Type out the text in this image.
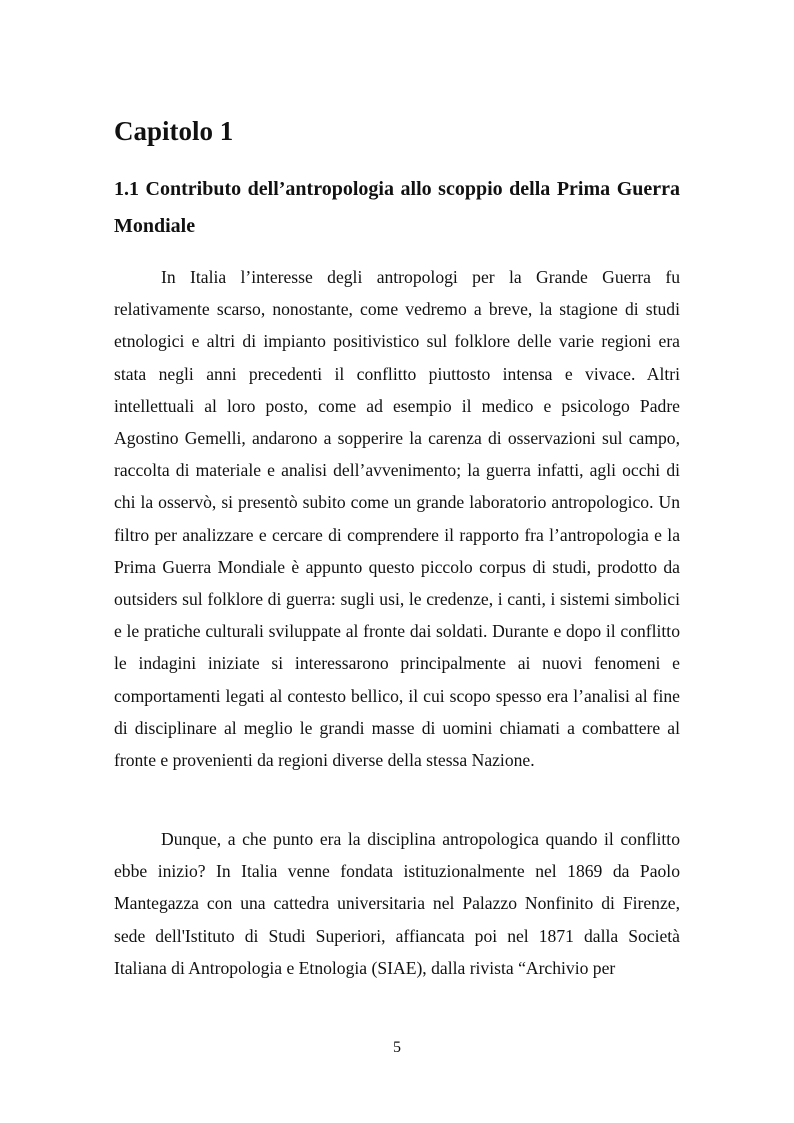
Capitolo 1
1.1 Contributo dell’antropologia allo scoppio della Prima Guerra Mondiale

In Italia l’interesse degli antropologi per la Grande Guerra fu relativamente scarso, nonostante, come vedremo a breve, la stagione di studi etnologici e altri di impianto positivistico sul folklore delle varie regioni era stata negli anni precedenti il conflitto piuttosto intensa e vivace. Altri intellettuali al loro posto, come ad esempio il medico e psicologo Padre Agostino Gemelli, andarono a sopperire la carenza di osservazioni sul campo, raccolta di materiale e analisi dell’avvenimento; la guerra infatti, agli occhi di chi la osservò, si presentò subito come un grande laboratorio antropologico. Un filtro per analizzare e cercare di comprendere il rapporto fra l’antropologia e la Prima Guerra Mondiale è appunto questo piccolo corpus di studi, prodotto da outsiders sul folklore di guerra: sugli usi, le credenze, i canti, i sistemi simbolici e le pratiche culturali sviluppate al fronte dai soldati. Durante e dopo il conflitto le indagini iniziate si interessarono principalmente ai nuovi fenomeni e comportamenti legati al contesto bellico, il cui scopo spesso era l’analisi al fine di disciplinare al meglio le grandi masse di uomini chiamati a combattere al fronte e provenienti da regioni diverse della stessa Nazione.

Dunque, a che punto era la disciplina antropologica quando il conflitto ebbe inizio? In Italia venne fondata istituzionalmente nel 1869 da Paolo Mantegazza con una cattedra universitaria nel Palazzo Nonfinito di Firenze, sede dell'Istituto di Studi Superiori, affiancata poi nel 1871 dalla Società Italiana di Antropologia e Etnologia (SIAE), dalla rivista “Archivio per

5
